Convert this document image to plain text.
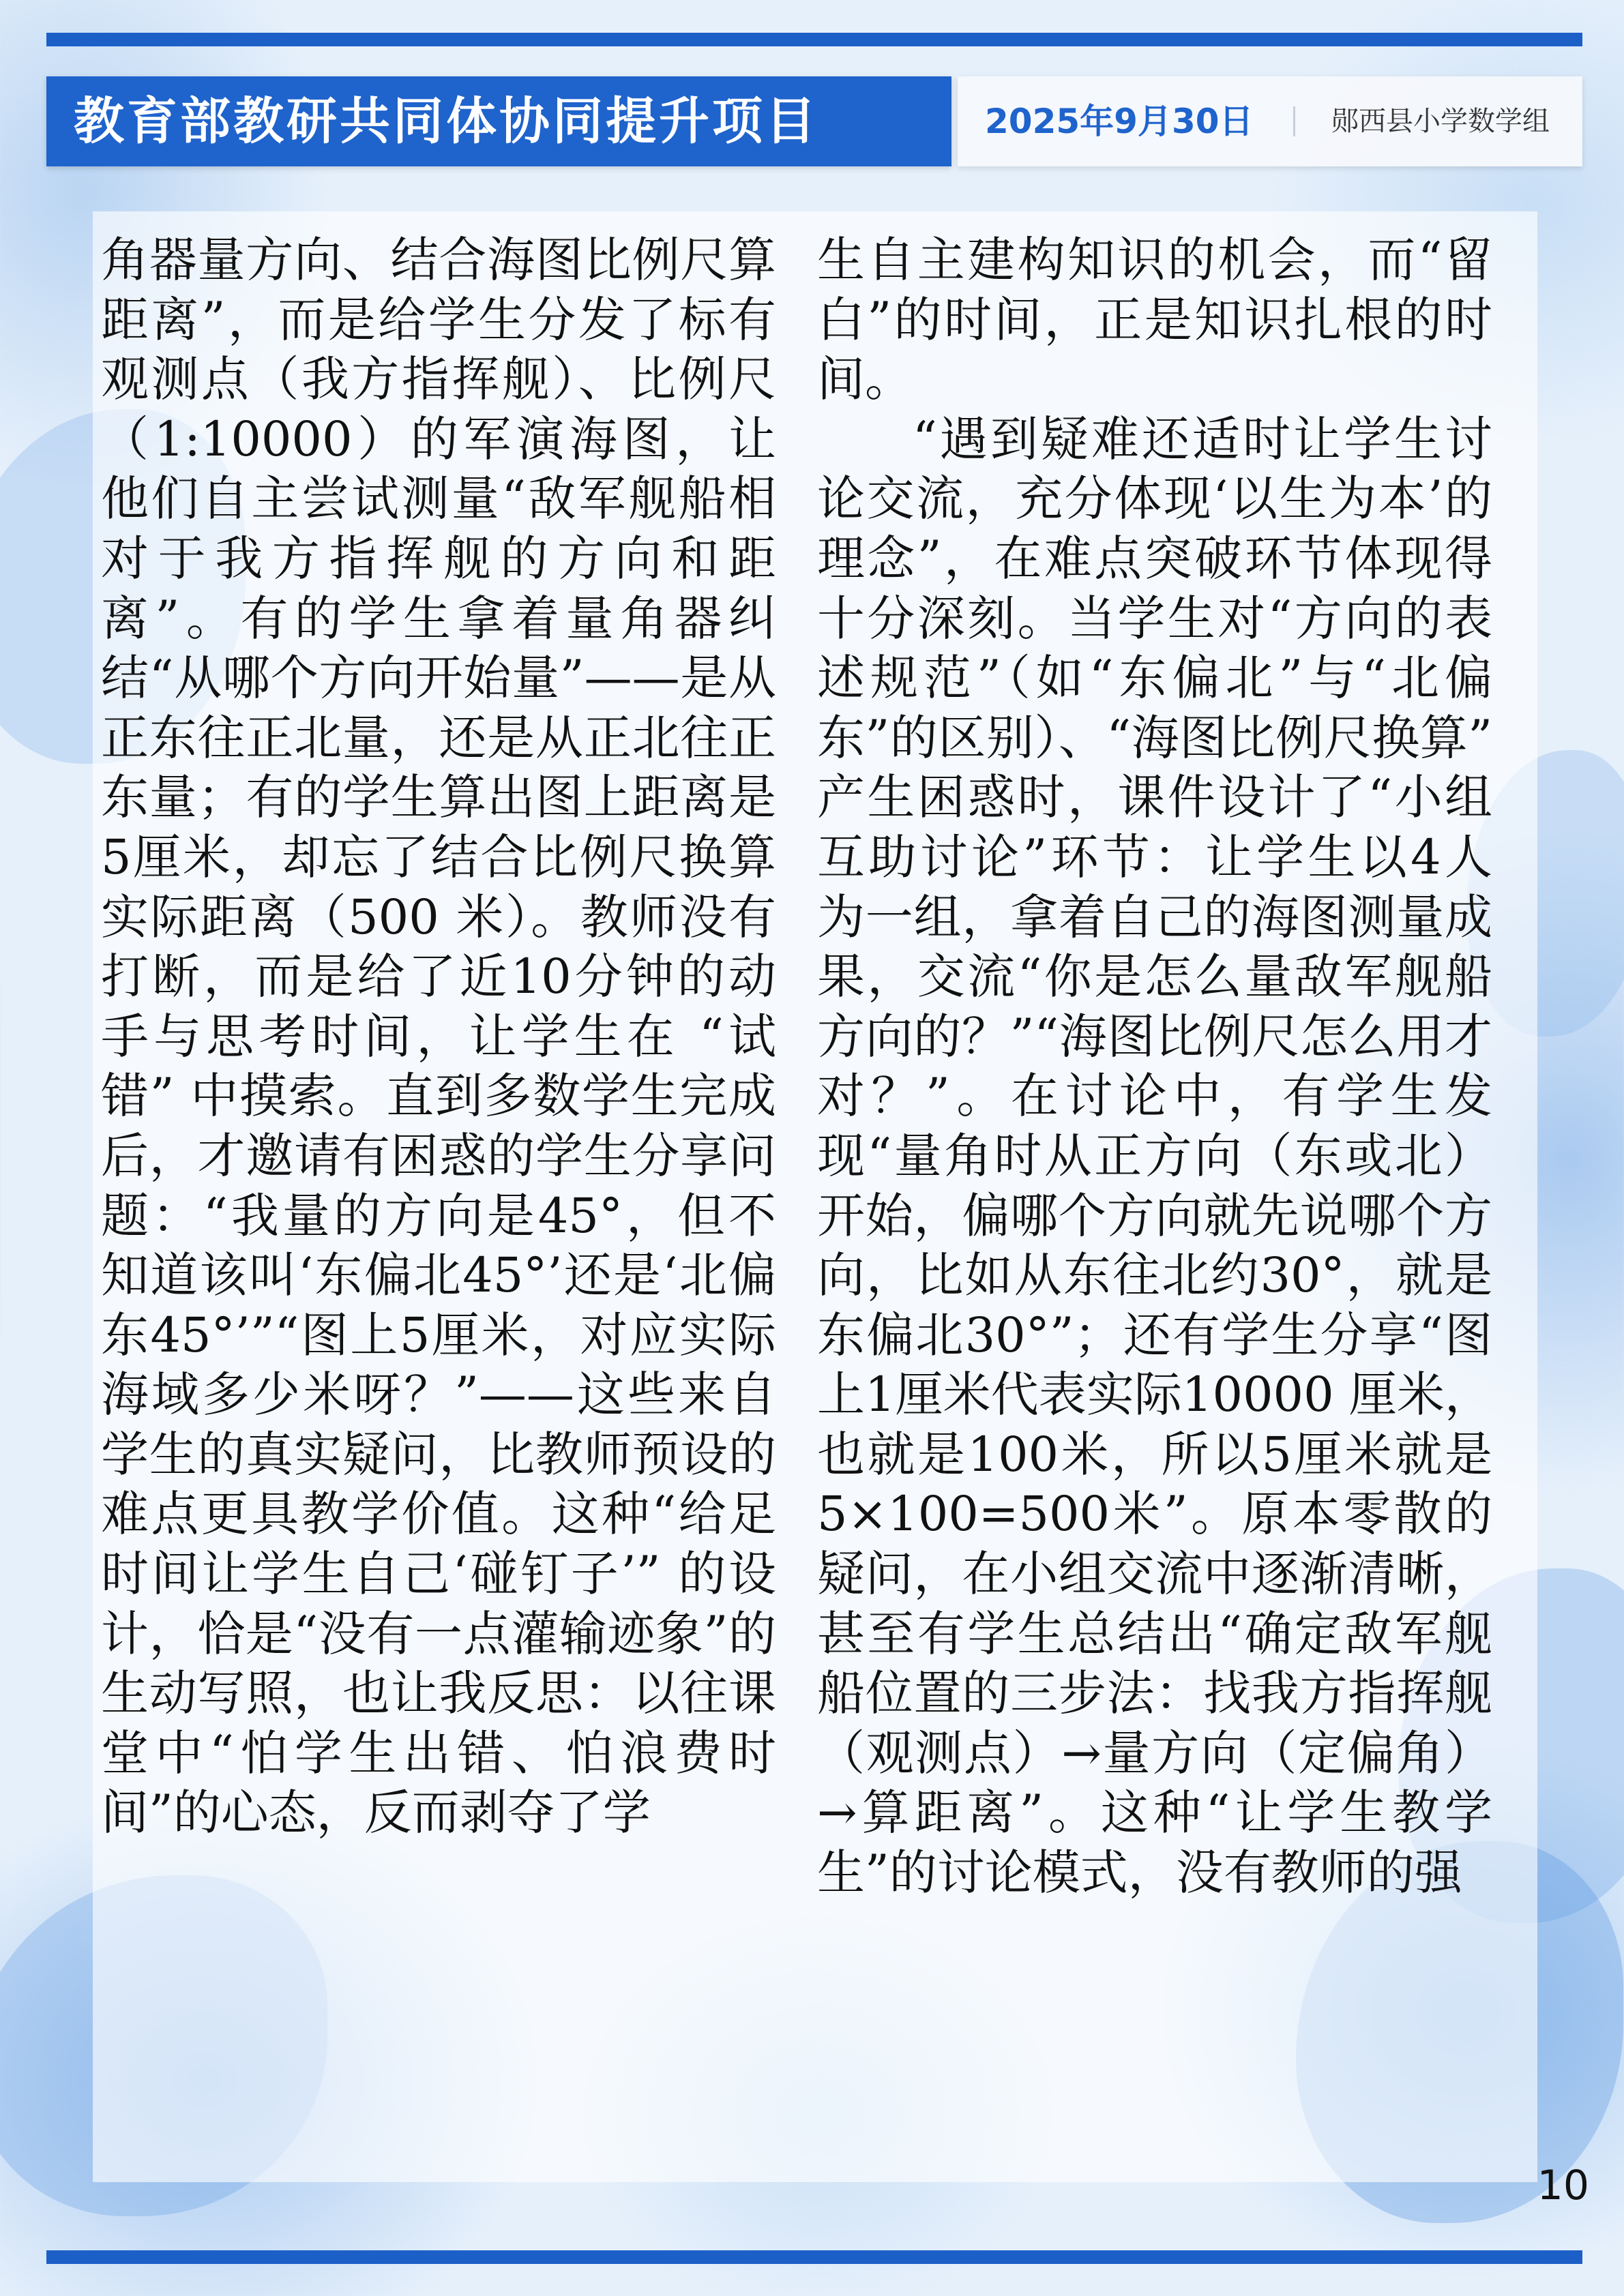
教育部教研共同体协同提升项目	2025年9月30日	郧西县小学数学组

角器量方向、结合海图比例尺算距离”，而是给学生分发了标有观测点（我方指挥舰）、比例尺（1:10000）的军演海图，让他们自主尝试测量“敌军舰船相对于我方指挥舰的方向和距离”。有的学生拿着量角器纠结“从哪个方向开始量”——是从正东往正北量，还是从正北往正东量；有的学生算出图上距离是5厘米，却忘了结合比例尺换算实际距离（500 米）。教师没有打断，而是给了近10分钟的动手与思考时间，让学生在 “试错” 中摸索。直到多数学生完成后，才邀请有困惑的学生分享问题：“我量的方向是45°，但不知道该叫‘东偏北45°’还是‘北偏东45°’”“图上5厘米，对应实际海域多少米呀？”——这些来自学生的真实疑问，比教师预设的难点更具教学价值。这种“给足时间让学生自己‘碰钉子’” 的设计，恰是“没有一点灌输迹象”的生动写照，也让我反思：以往课堂中“怕学生出错、怕浪费时间”的心态，反而剥夺了学

生自主建构知识的机会，而“留白”的时间，正是知识扎根的时间。

“遇到疑难还适时让学生讨论交流，充分体现‘以生为本’的理念”，在难点突破环节体现得十分深刻。当学生对“方向的表述规范”（如“东偏北”与“北偏东”的区别）、“海图比例尺换算” 产生困惑时，课件设计了“小组互助讨论”环节：让学生以4人为一组，拿着自己的海图测量成果，交流“你是怎么量敌军舰船方向的？”“海图比例尺怎么用才对？”。在讨论中，有学生发现“量角时从正方向（东或北）开始，偏哪个方向就先说哪个方向，比如从东往北约30°，就是东偏北30°”；还有学生分享“图上1厘米代表实际10000 厘米，也就是100米，所以5厘米就是5×100=500米”。原本零散的疑问，在小组交流中逐渐清晰，甚至有学生总结出“确定敌军舰船位置的三步法：找我方指挥舰（观测点）→量方向（定偏角）→算距离”。这种“让学生教学生”的讨论模式，没有教师的强

10
